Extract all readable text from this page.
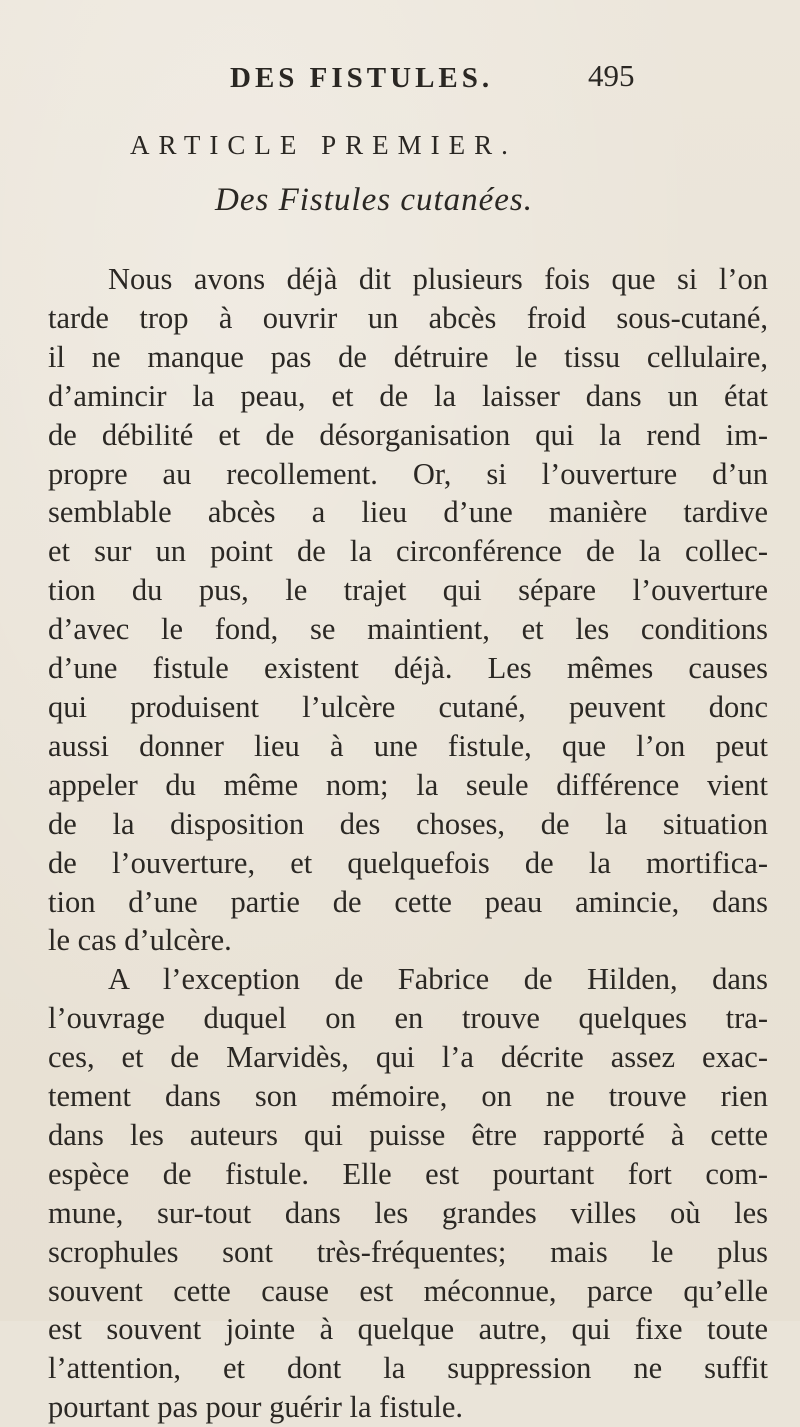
DES FISTULES.	495
ARTICLE PREMIER.
Des Fistules cutanées.
Nous avons déjà dit plusieurs fois que si l’on
tarde trop à ouvrir un abcès froid sous-cutané,
il ne manque pas de détruire le tissu cellulaire,
d’amincir la peau, et de la laisser dans un état
de débilité et de désorganisation qui la rend im-
propre au recollement. Or, si l’ouverture d’un
semblable abcès a lieu d’une manière tardive
et sur un point de la circonférence de la collec-
tion du pus, le trajet qui sépare l’ouverture
d’avec le fond, se maintient, et les conditions
d’une fistule existent déjà. Les mêmes causes
qui produisent l’ulcère cutané, peuvent donc
aussi donner lieu à une fistule, que l’on peut
appeler du même nom; la seule différence vient
de la disposition des choses, de la situation
de l’ouverture, et quelquefois de la mortifica-
tion d’une partie de cette peau amincie, dans
le cas d’ulcère.
A l’exception de Fabrice de Hilden, dans
l’ouvrage duquel on en trouve quelques tra-
ces, et de Marvidès, qui l’a décrite assez exac-
tement dans son mémoire, on ne trouve rien
dans les auteurs qui puisse être rapporté à cette
espèce de fistule. Elle est pourtant fort com-
mune, sur-tout dans les grandes villes où les
scrophules sont très-fréquentes; mais le plus
souvent cette cause est méconnue, parce qu’elle
est souvent jointe à quelque autre, qui fixe toute
l’attention, et dont la suppression ne suffit
pourtant pas pour guérir la fistule.
